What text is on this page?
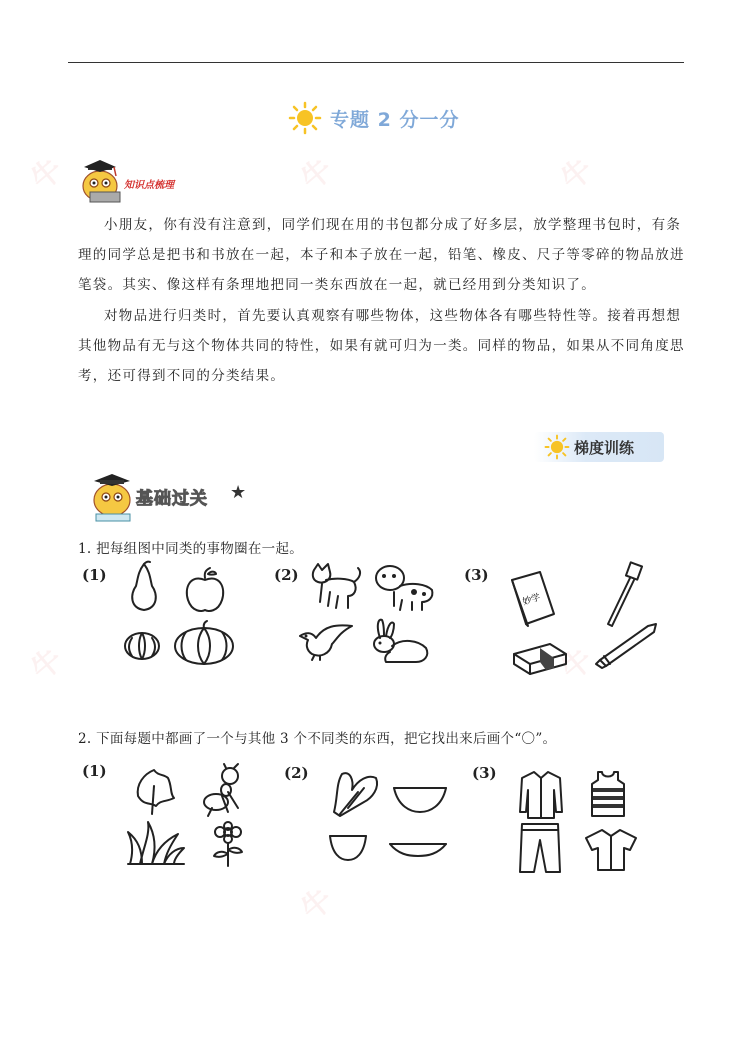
牛	牛	牛
牛
牛
牛
专题 2 分一分
知识点梳理
小朋友，你有没有注意到，同学们现在用的书包都分成了好多层，放学整理书包时，有条理的同学总是把书和书放在一起，本子和本子放在一起，铅笔、橡皮、尺子等零碎的物品放进笔袋。其实、像这样有条理地把同一类东西放在一起，就已经用到分类知识了。
对物品进行归类时，首先要认真观察有哪些物体，这些物体各有哪些特性等。接着再想想其他物品有无与这个物体共同的特性，如果有就可归为一类。同样的物品，如果从不同角度思考，还可得到不同的分类结果。
梯度训练
基础过关 ★
1. 把每组图中同类的事物圈在一起。
(1)	(2)	(3)
妙学
2. 下面每题中都画了一个与其他 3 个不同类的东西，把它找出来后画个“〇”。
(1)	(2)	(3)
